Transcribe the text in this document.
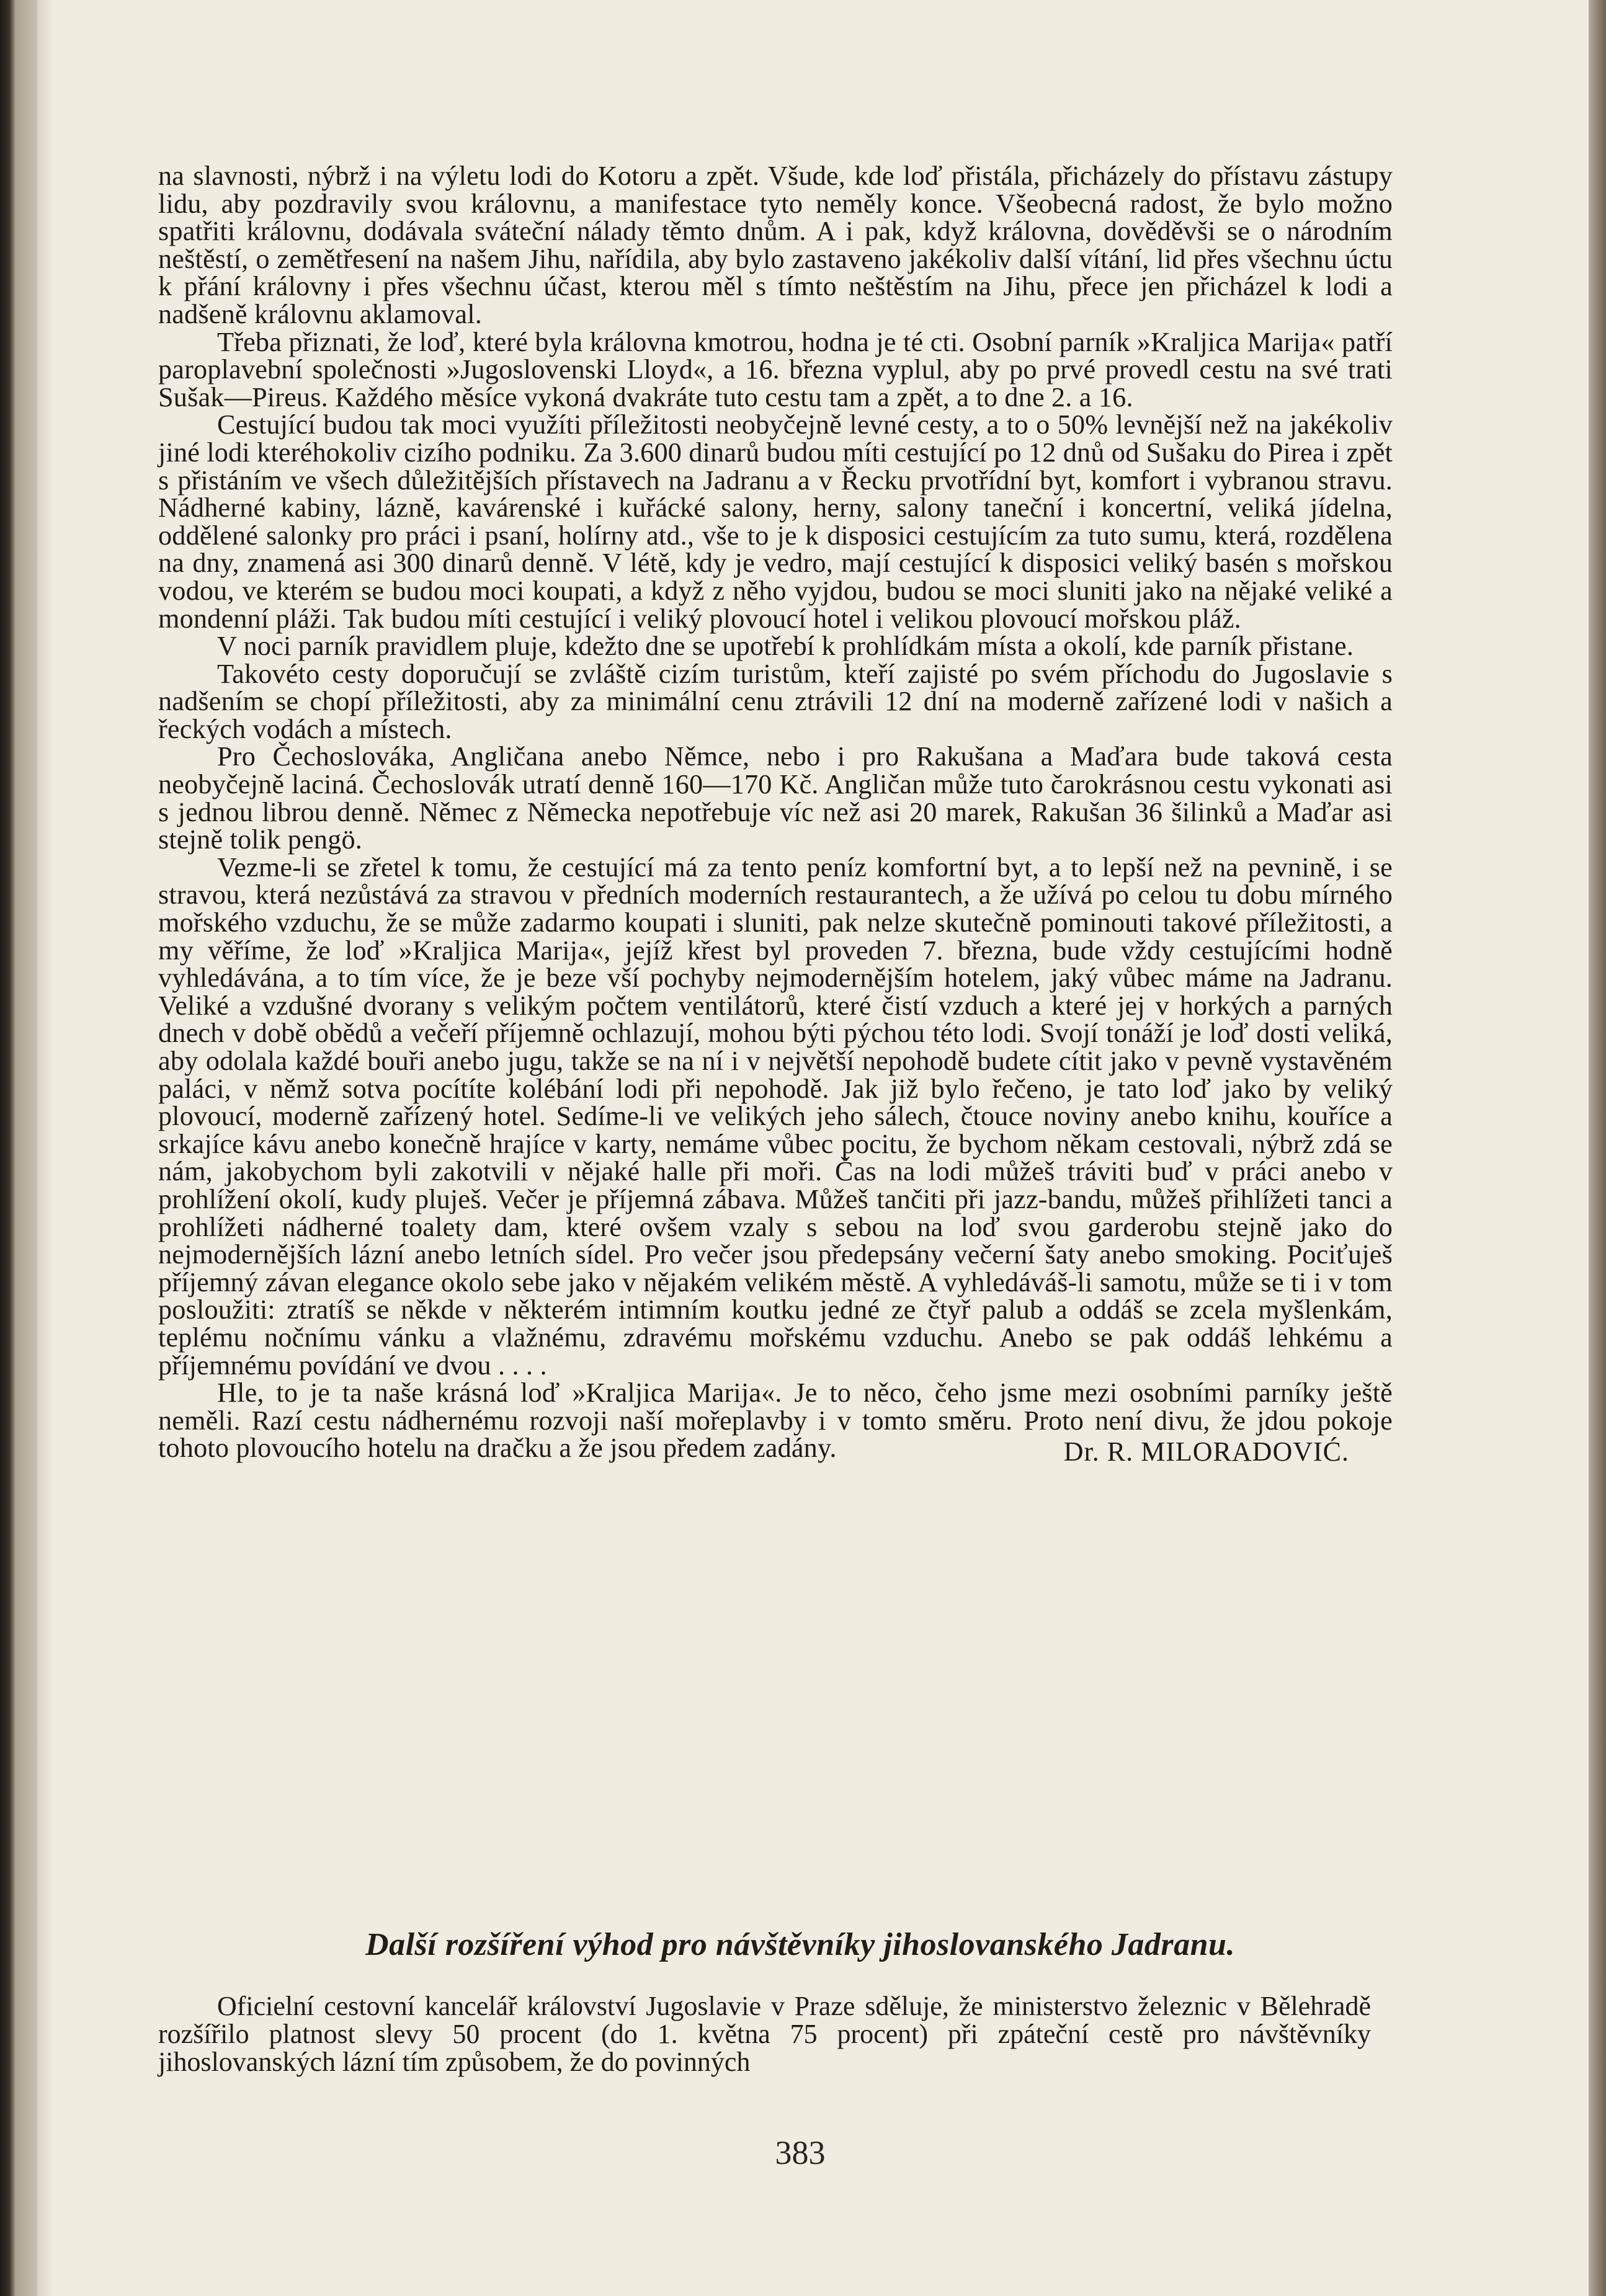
na slavnosti, nýbrž i na výletu lodi do Kotoru a zpět. Všude, kde loď přistála, přicházely do přístavu zástupy lidu, aby pozdravily svou královnu, a manifestace tyto neměly konce. Všeobecná radost, že bylo možno spatřiti královnu, dodávala sváteční nálady těmto dnům. A i pak, když královna, dověděvši se o národním neštěstí, o zemětřesení na našem Jihu, nařídila, aby bylo zastaveno jakékoliv další vítání, lid přes všechnu úctu k přání královny i přes všechnu účast, kterou měl s tímto neštěstím na Jihu, přece jen přicházel k lodi a nadšeně královnu aklamoval.

Třeba přiznati, že loď, které byla královna kmotrou, hodna je té cti. Osobní parník »Kraljica Marija« patří paroplavební společnosti »Jugoslovenski Lloyd«, a 16. března vyplul, aby po prvé provedl cestu na své trati Sušak—Pireus. Každého měsíce vykoná dvakráte tuto cestu tam a zpět, a to dne 2. a 16.

Cestující budou tak moci využíti příležitosti neobyčejně levné cesty, a to o 50% levnější než na jakékoliv jiné lodi kteréhokoliv cizího podniku. Za 3.600 dinarů budou míti cestující po 12 dnů od Sušaku do Pirea i zpět s přistáním ve všech důležitějších přístavech na Jadranu a v Řecku prvotřídní byt, komfort i vybranou stravu. Nádherné kabiny, lázně, kavárenské i kuřácké salony, herny, salony taneční i koncertní, veliká jídelna, oddělené salonky pro práci i psaní, holírny atd., vše to je k disposici cestujícím za tuto sumu, která, rozdělena na dny, znamená asi 300 dinarů denně. V létě, kdy je vedro, mají cestující k disposici veliký basén s mořskou vodou, ve kterém se budou moci koupati, a když z něho vyjdou, budou se moci sluniti jako na nějaké veliké a mondenní pláži. Tak budou míti cestující i veliký plovoucí hotel i velikou plovoucí mořskou pláž.

V noci parník pravidlem pluje, kdežto dne se upotřebí k prohlídkám místa a okolí, kde parník přistane.

Takovéto cesty doporučují se zvláště cizím turistům, kteří zajisté po svém příchodu do Jugoslavie s nadšením se chopí příležitosti, aby za minimální cenu ztrávili 12 dní na moderně zařízené lodi v našich a řeckých vodách a místech.

Pro Čechoslováka, Angličana anebo Němce, nebo i pro Rakušana a Maďara bude taková cesta neobyčejně laciná. Čechoslovák utratí denně 160—170 Kč. Angličan může tuto čarokrásnou cestu vykonati asi s jednou librou denně. Němec z Německa nepotřebuje víc než asi 20 marek, Rakušan 36 šilinků a Maďar asi stejně tolik pengö.

Vezme-li se zřetel k tomu, že cestující má za tento peníz komfortní byt, a to lepší než na pevnině, i se stravou, která nezůstává za stravou v předních moderních restaurantech, a že užívá po celou tu dobu mírného mořského vzduchu, že se může zadarmo koupati i sluniti, pak nelze skutečně pominouti takové příležitosti, a my věříme, že loď »Kraljica Marija«, jejíž křest byl proveden 7. března, bude vždy cestujícími hodně vyhledávána, a to tím více, že je beze vší pochyby nejmodernějším hotelem, jaký vůbec máme na Jadranu. Veliké a vzdušné dvorany s velikým počtem ventilátorů, které čistí vzduch a které jej v horkých a parných dnech v době obědů a večeří příjemně ochlazují, mohou býti pýchou této lodi. Svojí tonáží je loď dosti veliká, aby odolala každé bouři anebo jugu, takže se na ní i v největší nepohodě budete cítit jako v pevně vystavěném paláci, v němž sotva pocítíte kolébání lodi při nepohodě. Jak již bylo řečeno, je tato loď jako by veliký plovoucí, moderně zařízený hotel. Sedíme-li ve velikých jeho sálech, čtouce noviny anebo knihu, kouříce a srkajíce kávu anebo konečně hrajíce v karty, nemáme vůbec pocitu, že bychom někam cestovali, nýbrž zdá se nám, jakobychom byli zakotvili v nějaké halle při moři. Čas na lodi můžeš tráviti buď v práci anebo v prohlížení okolí, kudy pluješ. Večer je příjemná zábava. Můžeš tančiti při jazz-bandu, můžeš přihlížeti tanci a prohlížeti nádherné toalety dam, které ovšem vzaly s sebou na loď svou garderobu stejně jako do nejmodernějších lázní anebo letních sídel. Pro večer jsou předepsány večerní šaty anebo smoking. Pociťuješ příjemný závan elegance okolo sebe jako v nějakém velikém městě. A vyhledáváš-li samotu, může se ti i v tom posloužiti: ztratíš se někde v některém intimním koutku jedné ze čtyř palub a oddáš se zcela myšlenkám, teplému nočnímu vánku a vlažnému, zdravému mořskému vzduchu. Anebo se pak oddáš lehkému a příjemnému povídání ve dvou . . . .

Hle, to je ta naše krásná loď »Kraljica Marija«. Je to něco, čeho jsme mezi osobními parníky ještě neměli. Razí cestu nádhernému rozvoji naší mořeplavby i v tomto směru. Proto není divu, že jdou pokoje tohoto plovoucího hotelu na dračku a že jsou předem zadány.	Dr. R. MILORADOVIĆ.
Další rozšíření výhod pro návštěvníky jihoslovanského Jadranu.

Oficielní cestovní kancelář království Jugoslavie v Praze sděluje, že ministerstvo železnic v Bělehradě rozšířilo platnost slevy 50 procent (do 1. května 75 procent) při zpáteční cestě pro návštěvníky jihoslovanských lázní tím způsobem, že do povinných

383
